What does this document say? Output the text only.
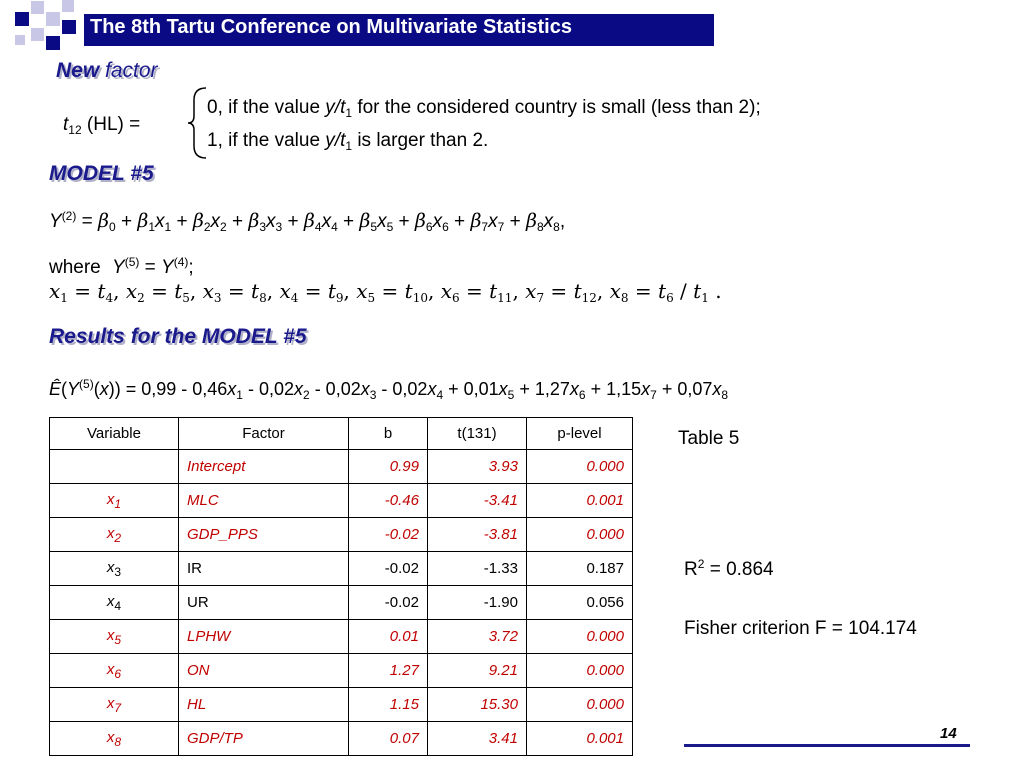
The 8th Tartu Conference on Multivariate Statistics
New factor
$t_{12}$ (HL) =
0, if the value $y/t_1$ for the considered country is small (less than 2);
1, if the value $y/t_1$ is larger than 2.
MODEL #5
$Y^{(2)} = \beta_0 + \beta_1x_1 + \beta_2x_2 + \beta_3x_3 + \beta_4x_4 + \beta_5x_5 + \beta_6x_6 + \beta_7x_7 + \beta_8x_8$,
where $Y^{(5)} = Y^{(4)}$;
$x_1 = t_4$, $x_2 = t_5$, $x_3 = t_8$, $x_4 = t_9$, $x_5 = t_{10}$, $x_6 = t_{11}$, $x_7 = t_{12}$, $x_8 = t_6 / t_1$ .
Results for the MODEL #5
$Ê(Y^{(5)}(x)) = 0,99 - 0,46x_1 - 0,02x_2 - 0,02x_3 - 0,02x_4 + 0,01x_5 + 1,27x_6 + 1,15x_7 + 0,07x_8$
Variable	Factor	b	t(131)	p-level
	Intercept	0.99	3.93	0.000
$x_1$	MLC	-0.46	-3.41	0.001
$x_2$	GDP_PPS	-0.02	-3.81	0.000
$x_3$	IR	-0.02	-1.33	0.187
$x_4$	UR	-0.02	-1.90	0.056
$x_5$	LPHW	0.01	3.72	0.000
$x_6$	ON	1.27	9.21	0.000
$x_7$	HL	1.15	15.30	0.000
$x_8$	GDP/TP	0.07	3.41	0.001
Table 5
$R^2 = 0.864$
Fisher criterion F = 104.174
14
